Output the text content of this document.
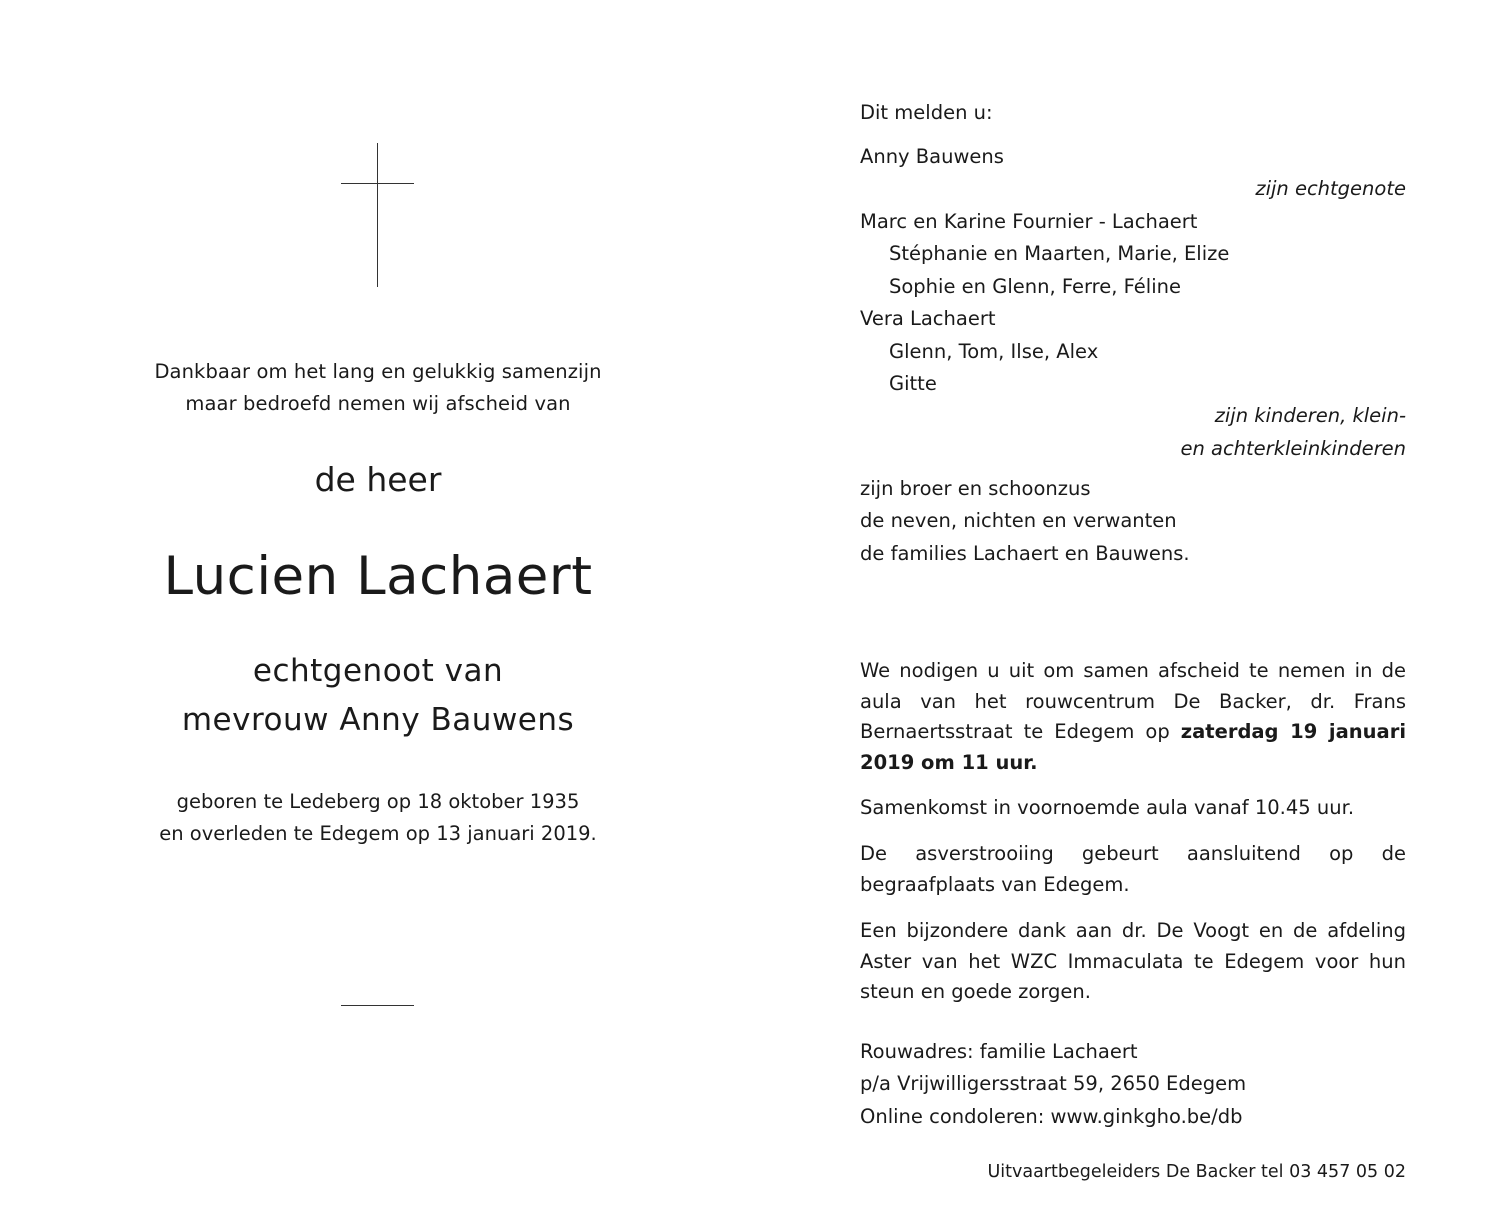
Dankbaar om het lang en gelukkig samenzijn
maar bedroefd nemen wij afscheid van
de heer
Lucien Lachaert
echtgenoot van
mevrouw Anny Bauwens
geboren te Ledeberg op 18 oktober 1935
en overleden te Edegem op 13 januari 2019.
Dit melden u:
Anny Bauwens
zijn echtgenote
Marc en Karine Fournier - Lachaert
Stéphanie en Maarten, Marie, Elize
Sophie en Glenn, Ferre, Féline
Vera Lachaert
Glenn, Tom, Ilse, Alex
Gitte
zijn kinderen, klein-
en achterkleinkinderen
zijn broer en schoonzus
de neven, nichten en verwanten
de families Lachaert en Bauwens.
We nodigen u uit om samen afscheid te nemen in de aula van het rouwcentrum De Backer, dr. Frans Bernaertsstraat te Edegem op zaterdag 19 januari 2019 om 11 uur.
Samenkomst in voornoemde aula vanaf 10.45 uur.
De asverstrooiing gebeurt aansluitend op de begraafplaats van Edegem.
Een bijzondere dank aan dr. De Voogt en de afdeling Aster van het WZC Immaculata te Edegem voor hun steun en goede zorgen.
Rouwadres: familie Lachaert
p/a Vrijwilligersstraat 59, 2650 Edegem
Online condoleren: www.ginkgho.be/db
Uitvaartbegeleiders De Backer tel 03 457 05 02
